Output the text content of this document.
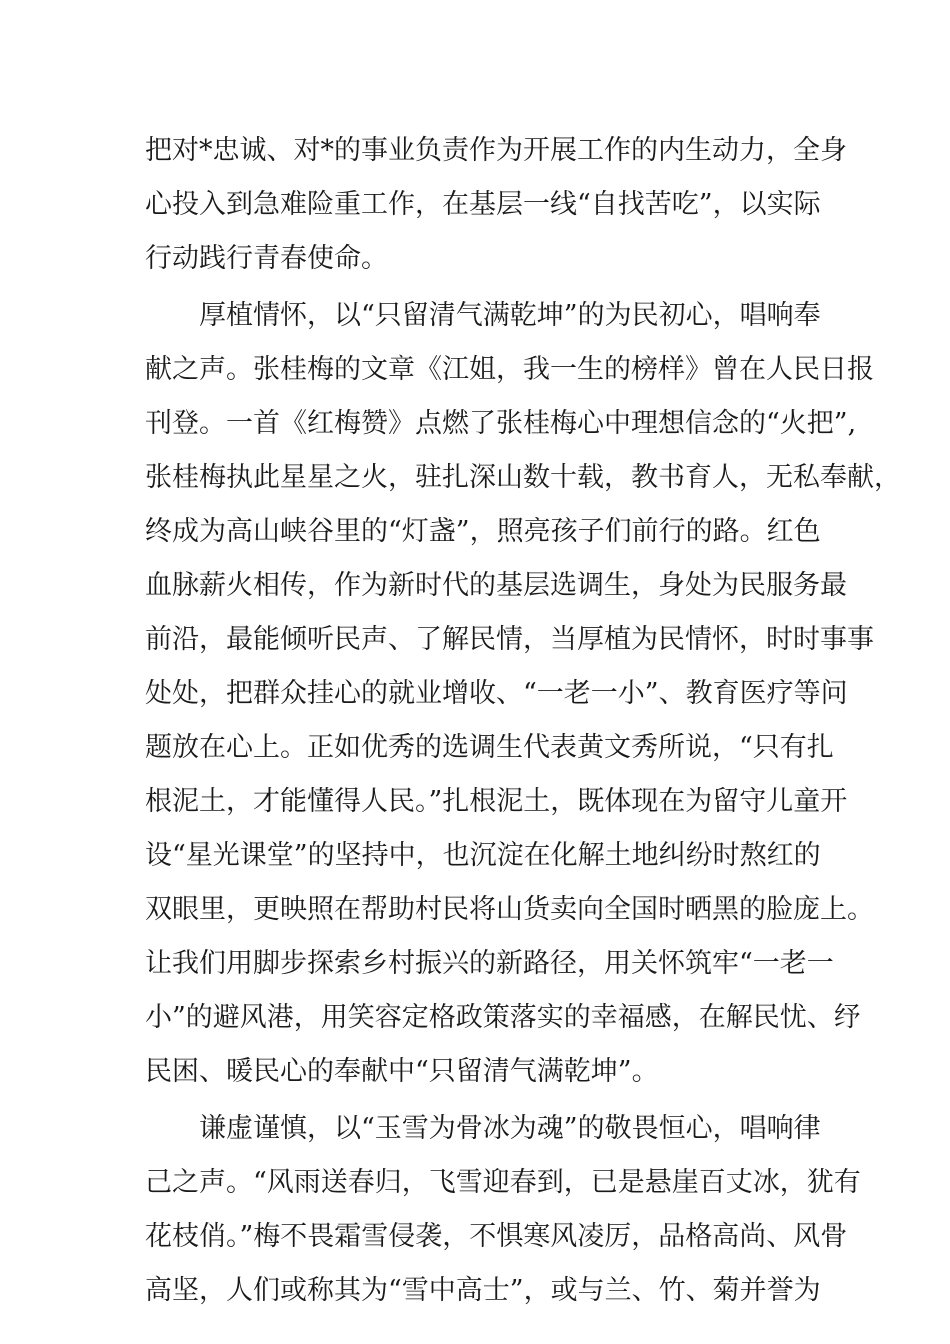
把对*忠诚、对*的事业负责作为开展工作的内生动力，全身
心投入到急难险重工作，在基层一线“自找苦吃”，以实际
行动践行青春使命。
厚植情怀，以“只留清气满乾坤”的为民初心，唱响奉
献之声。张桂梅的文章《江姐，我一生的榜样》曾在人民日报
刊登。一首《红梅赞》点燃了张桂梅心中理想信念的“火把”,
张桂梅执此星星之火，驻扎深山数十载，教书育人，无私奉献，
终成为高山峡谷里的“灯盏”，照亮孩子们前行的路。红色
血脉薪火相传，作为新时代的基层选调生，身处为民服务最
前沿，最能倾听民声、了解民情，当厚植为民情怀，时时事事
处处，把群众挂心的就业增收、“一老一小”、教育医疗等问
题放在心上。正如优秀的选调生代表黄文秀所说，“只有扎
根泥土，才能懂得人民。”扎根泥土，既体现在为留守儿童开
设“星光课堂”的坚持中，也沉淀在化解土地纠纷时熬红的
双眼里，更映照在帮助村民将山货卖向全国时晒黑的脸庞上。
让我们用脚步探索乡村振兴的新路径，用关怀筑牢“一老一
小”的避风港，用笑容定格政策落实的幸福感，在解民忧、纾
民困、暖民心的奉献中“只留清气满乾坤”。
谦虚谨慎，以“玉雪为骨冰为魂”的敬畏恒心，唱响律
己之声。“风雨送春归，飞雪迎春到，已是悬崖百丈冰，犹有
花枝俏。”梅不畏霜雪侵袭，不惧寒风凌厉，品格高尚、风骨
高坚，人们或称其为“雪中高士”，或与兰、竹、菊并誉为
